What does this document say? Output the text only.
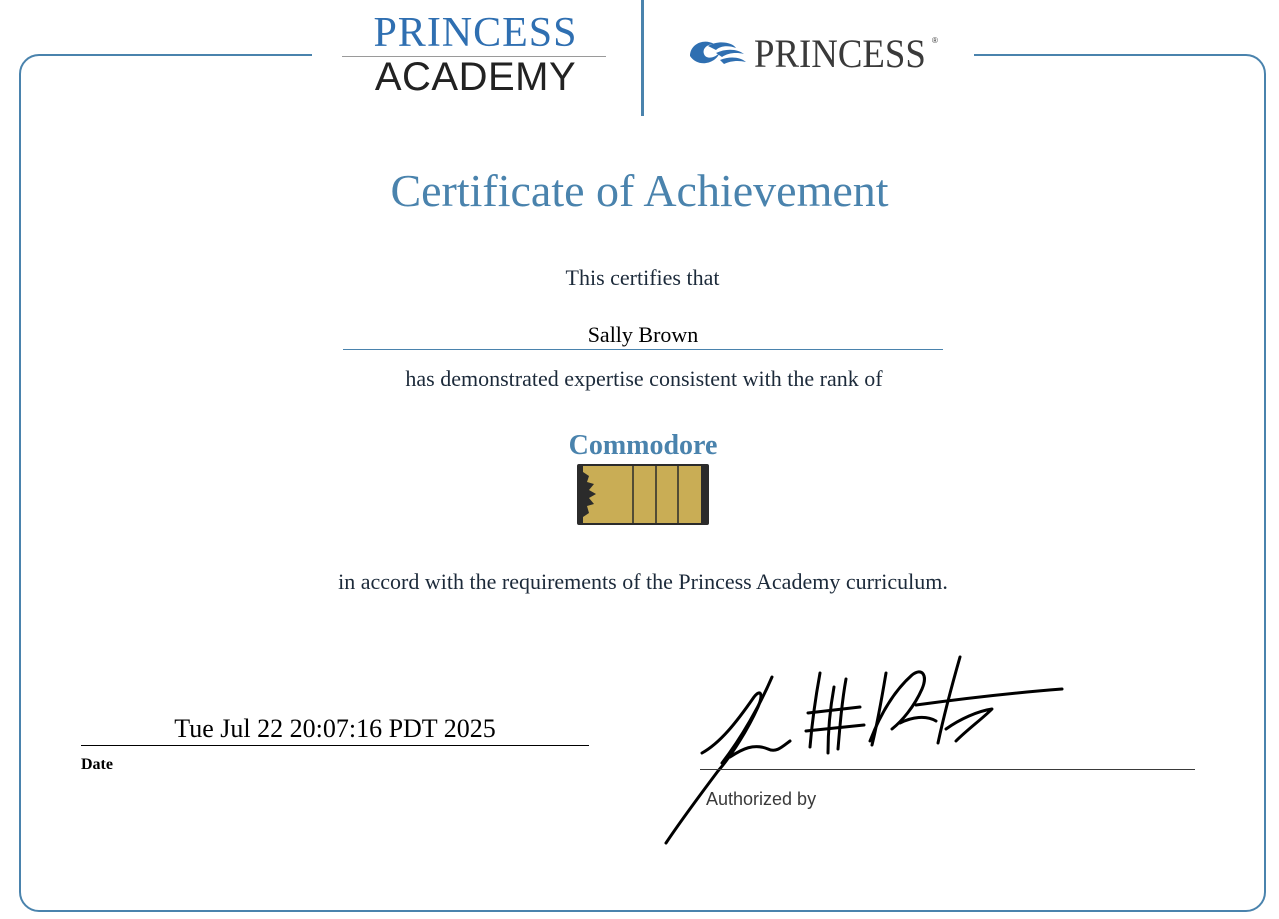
PRINCESS
ACADEMY
PRINCESS ®
Certificate of Achievement
This certifies that
Sally Brown
has demonstrated expertise consistent with the rank of
Commodore
in accord with the requirements of the Princess Academy curriculum.
Tue Jul 22 20:07:16 PDT 2025
Date
Authorized by
